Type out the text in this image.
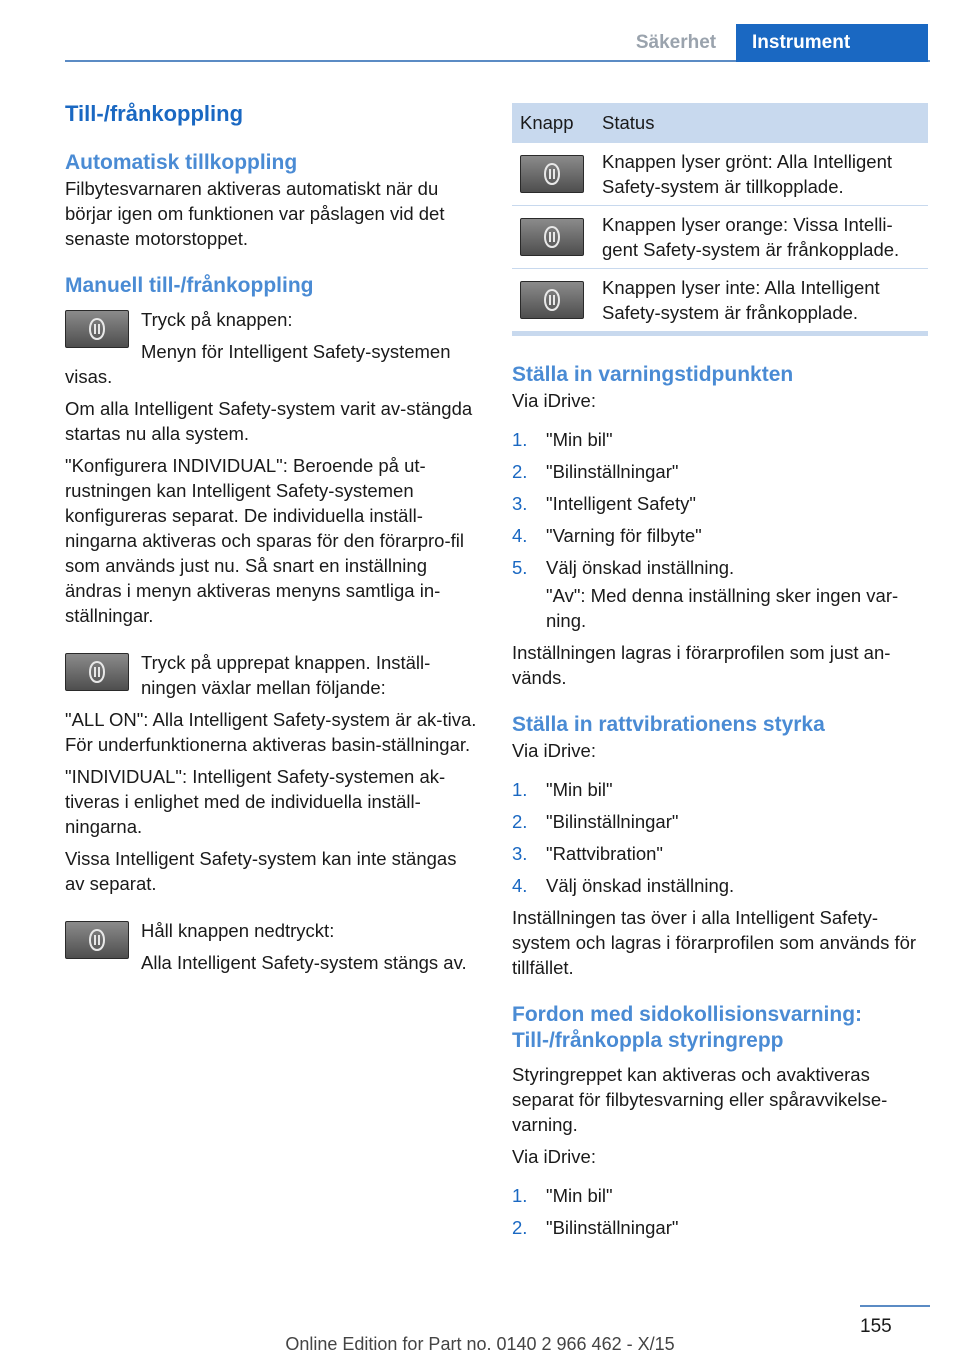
Säkerhet	Instrument
Till-/frånkoppling
Automatisk tillkoppling

Filbytesvarnaren aktiveras automatiskt när du börjar igen om funktionen var påslagen vid det senaste motorstoppet.

Manuell till-/frånkoppling

Tryck på knappen:

Menyn för Intelligent Safety-systemen visas.

Om alla Intelligent Safety-system varit av-stängda startas nu alla system.

"Konfigurera INDIVIDUAL": Beroende på ut-rustningen kan Intelligent Safety-systemen konfigureras separat. De individuella inställ-ningarna aktiveras och sparas för den förarpro-fil som används just nu. Så snart en inställning ändras i menyn aktiveras menyns samtliga in-ställningar.

Tryck på upprepat knappen. Inställ-ningen växlar mellan följande:

"ALL ON": Alla Intelligent Safety-system är ak-tiva. För underfunktionerna aktiveras basin-ställningar.

"INDIVIDUAL": Intelligent Safety-systemen ak-tiveras i enlighet med de individuella inställ-ningarna.

Vissa Intelligent Safety-system kan inte stängas av separat.

Håll knappen nedtryckt:

Alla Intelligent Safety-system stängs av.

Knapp	Status

	Knappen lyser grönt: Alla Intelligent Safety-system är tillkopplade.

	Knappen lyser orange: Vissa Intelli-gent Safety-system är frånkopplade.

	Knappen lyser inte: Alla Intelligent Safety-system är frånkopplade.
Ställa in varningstidpunkten

Via iDrive:

1. "Min bil"
2. "Bilinställningar"
3. "Intelligent Safety"
4. "Varning för filbyte"
5. Välj önskad inställning.

"Av": Med denna inställning sker ingen var-ning.

Inställningen lagras i förarprofilen som just an-vänds.

Ställa in rattvibrationens styrka

Via iDrive:

1. "Min bil"
2. "Bilinställningar"
3. "Rattvibration"
4. Välj önskad inställning.

Inställningen tas över i alla Intelligent Safety-system och lagras i förarprofilen som används för tillfället.

Fordon med sidokollisionsvarning: Till-/frånkoppla styringrepp

Styringreppet kan aktiveras och avaktiveras separat för filbytesvarning eller spåravvikelse-varning.

Via iDrive:

1. "Min bil"
2. "Bilinställningar"
155
Online Edition for Part no. 0140 2 966 462 - X/15
